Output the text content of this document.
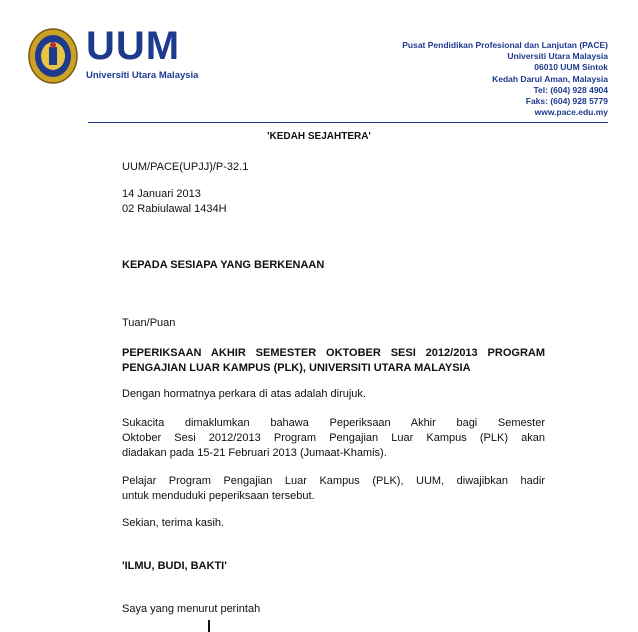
UUM
Universiti Utara Malaysia
Pusat Pendidikan Profesional dan Lanjutan (PACE)
Universiti Utara Malaysia
06010 UUM Sintok
Kedah Darul Aman, Malaysia
Tel: (604) 928 4904
Faks: (604) 928 5779
www.pace.edu.my
'KEDAH SEJAHTERA'
UUM/PACE(UPJJ)/P-32.1
14 Januari 2013
02 Rabiulawal 1434H
KEPADA SESIAPA YANG BERKENAAN
Tuan/Puan
PEPERIKSAAN AKHIR SEMESTER OKTOBER SESI 2012/2013 PROGRAM
PENGAJIAN LUAR KAMPUS (PLK), UNIVERSITI UTARA MALAYSIA
Dengan hormatnya perkara di atas adalah dirujuk.
Sukacita dimaklumkan bahawa Peperiksaan Akhir bagi Semester
Oktober Sesi 2012/2013 Program Pengajian Luar Kampus (PLK) akan
diadakan pada 15-21 Februari 2013 (Jumaat-Khamis).
Pelajar Program Pengajian Luar Kampus (PLK), UUM, diwajibkan hadir
untuk menduduki peperiksaan tersebut.
Sekian, terima kasih.
'ILMU, BUDI, BAKTI'
Saya yang menurut perintah
